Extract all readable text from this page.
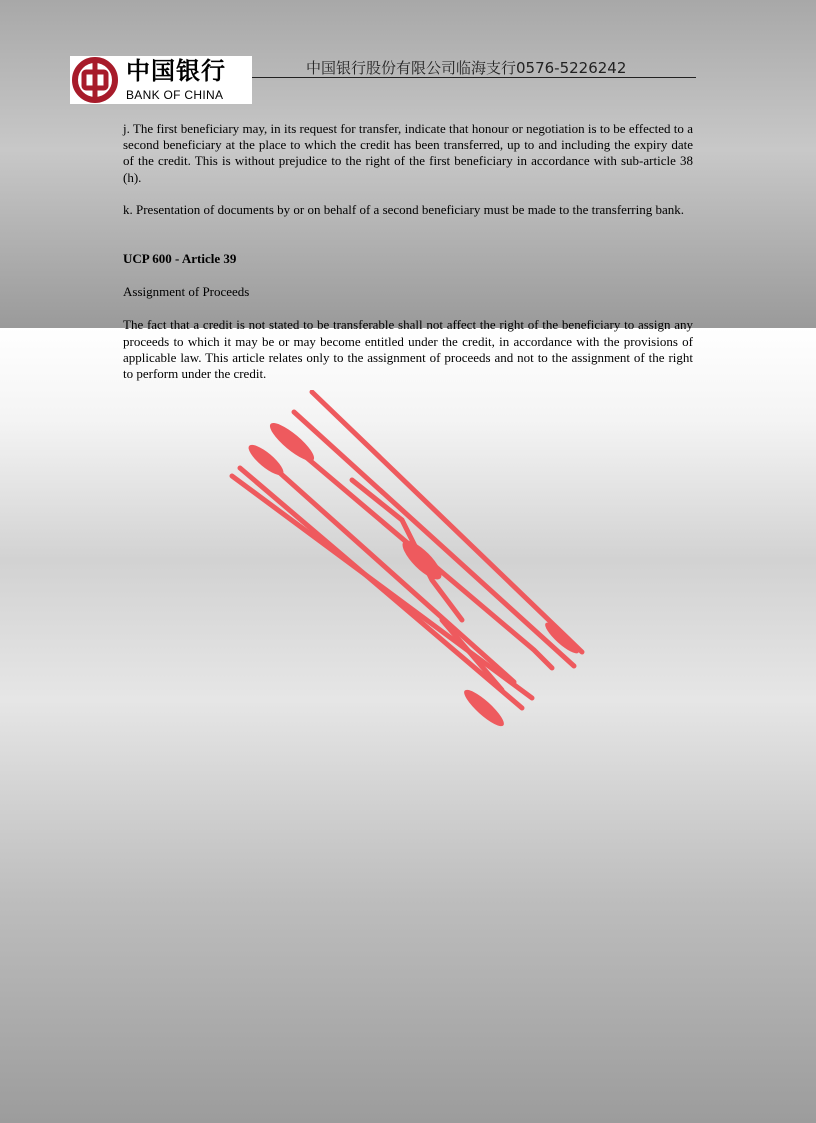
中国银行
BANK OF CHINA
中国银行股份有限公司临海支行0576-5226242

j. The first beneficiary may, in its request for transfer, indicate that honour or negotiation is to be effected to a second beneficiary at the place to which the credit has been transferred, up to and including the expiry date of the credit. This is without prejudice to the right of the first beneficiary in accordance with sub-article 38 (h).

k. Presentation of documents by or on behalf of a second beneficiary must be made to the transferring bank.

UCP 600 - Article 39

Assignment of Proceeds

The fact that a credit is not stated to be transferable shall not affect the right of the beneficiary to assign any proceeds to which it may be or may become entitled under the credit, in accordance with the provisions of applicable law. This article relates only to the assignment of proceeds and not to the assignment of the right to perform under the credit.
